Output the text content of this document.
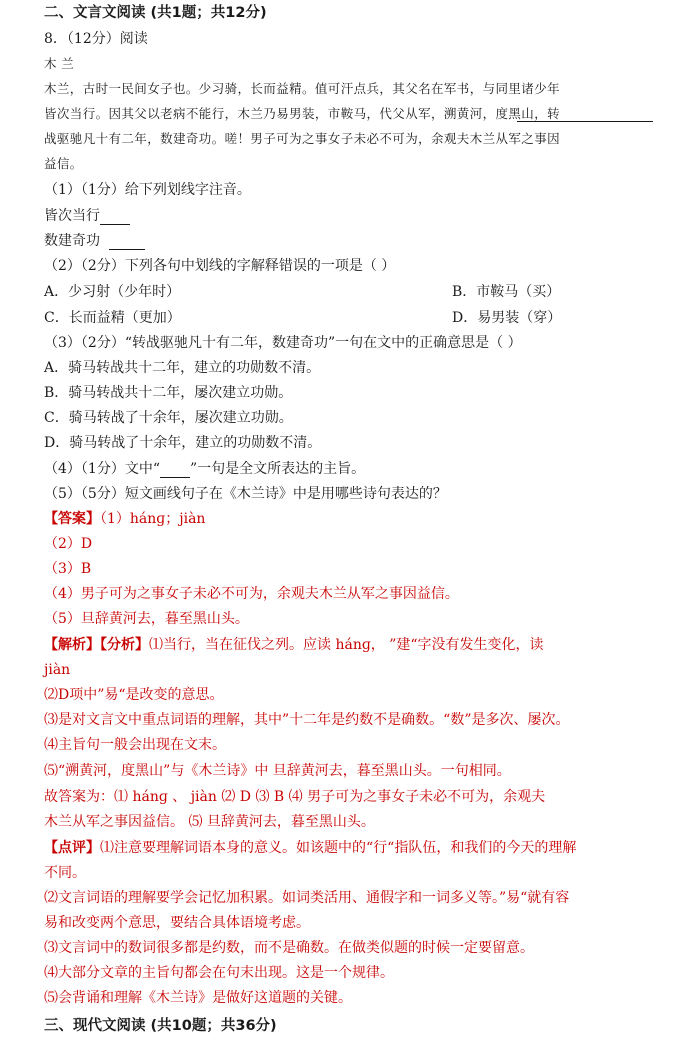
二、文言文阅读 (共1题；共12分)
8．（12分）阅读
木 兰
木兰，古时一民间女子也。少习骑，长而益精。值可汗点兵，其父名在军书，与同里诸少年
皆次当行。因其父以老病不能行，木兰乃易男装，市鞍马，代父从军，溯黄河，度黑山，转
战驱驰凡十有二年，数建奇功。嗟！男子可为之事女子未必不可为，余观夫木兰从军之事因
益信。
（1）（1分）给下列划线字注音。
皆次当行
数建奇功
（2）（2分）下列各句中划线的字解释错误的一项是（ ）
A．少习射（少年时）	B．市鞍马（买）
C．长而益精（更加）	D．易男装（穿）
（3）（2分）“转战驱驰凡十有二年，数建奇功”一句在文中的正确意思是（ ）
A．骑马转战共十二年，建立的功勋数不清。
B．骑马转战共十二年，屡次建立功勋。
C．骑马转战了十余年，屡次建立功勋。
D．骑马转战了十余年，建立的功勋数不清。
（4）（1分）文中“ ”一句是全文所表达的主旨。
（5）（5分）短文画线句子在《木兰诗》中是用哪些诗句表达的？
【答案】（1）hánɡ；jiàn
（2）D
（3）B
（4）男子可为之事女子未必不可为，余观夫木兰从军之事因益信。
（5）旦辞黄河去，暮至黑山头。
【解析】【分析】⑴当行，当在征伐之列。应读 hánɡ， ”建“字没有发生变化，读
jiàn
⑵D项中”易“是改变的意思。
⑶是对文言文中重点词语的理解，其中”十二年是约数不是确数。“数”是多次、屡次。
⑷主旨句一般会出现在文末。
⑸“溯黄河，度黑山”与《木兰诗》中 旦辞黄河去，暮至黑山头。一句相同。
故答案为：⑴ hánɡ 、 jiàn ⑵ D ⑶ B ⑷ 男子可为之事女子未必不可为，余观夫
木兰从军之事因益信。 ⑸ 旦辞黄河去，暮至黑山头。
【点评】⑴注意要理解词语本身的意义。如该题中的“行“指队伍，和我们的今天的理解
不同。
⑵文言词语的理解要学会记忆加积累。如词类活用、通假字和一词多义等。”易“就有容
易和改变两个意思，要结合具体语境考虑。
⑶文言词中的数词很多都是约数，而不是确数。在做类似题的时候一定要留意。
⑷大部分文章的主旨句都会在句末出现。这是一个规律。
⑸会背诵和理解《木兰诗》是做好这道题的关键。
三、现代文阅读 (共10题；共36分)
